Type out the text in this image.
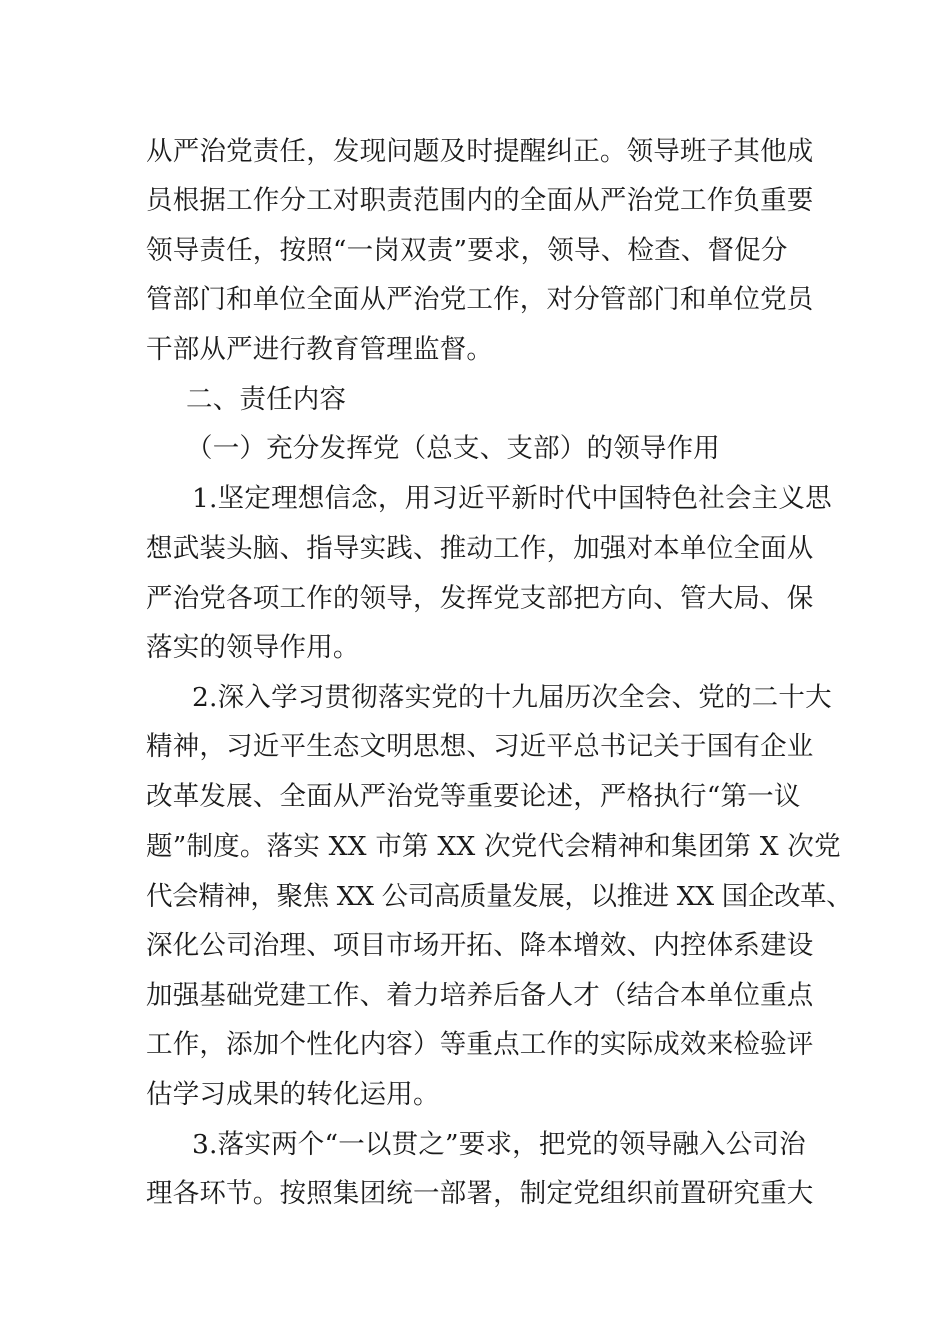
从严治党责任，发现问题及时提醒纠正。领导班子其他成
员根据工作分工对职责范围内的全面从严治党工作负重要
领导责任，按照“一岗双责”要求，领导、检查、督促分
管部门和单位全面从严治党工作，对分管部门和单位党员
干部从严进行教育管理监督。
二、责任内容
（一）充分发挥党（总支、支部）的领导作用
1.坚定理想信念，用习近平新时代中国特色社会主义思
想武装头脑、指导实践、推动工作，加强对本单位全面从
严治党各项工作的领导，发挥党支部把方向、管大局、保
落实的领导作用。
2.深入学习贯彻落实党的十九届历次全会、党的二十大
精神，习近平生态文明思想、习近平总书记关于国有企业
改革发展、全面从严治党等重要论述，严格执行“第一议
题”制度。落实 XX 市第 XX 次党代会精神和集团第 X 次党
代会精神，聚焦 XX 公司高质量发展，以推进 XX 国企改革、
深化公司治理、项目市场开拓、降本增效、内控体系建设
加强基础党建工作、着力培养后备人才（结合本单位重点
工作，添加个性化内容）等重点工作的实际成效来检验评
估学习成果的转化运用。
3.落实两个“一以贯之”要求，把党的领导融入公司治
理各环节。按照集团统一部署，制定党组织前置研究重大
